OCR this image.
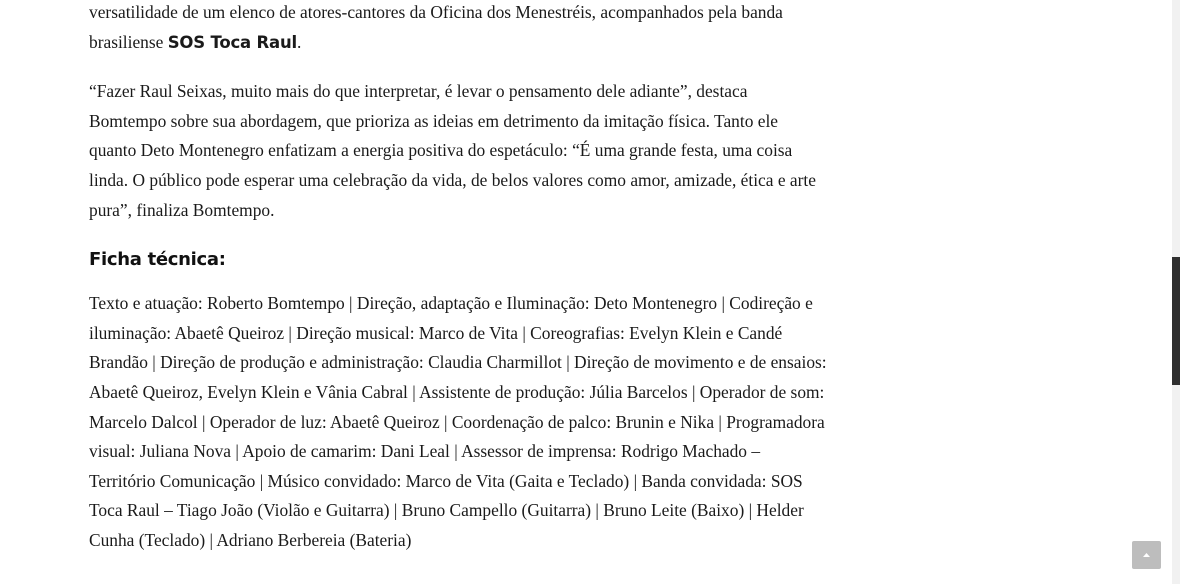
versatilidade de um elenco de atores-cantores da Oficina dos Menestréis, acompanhados pela banda brasiliense SOS Toca Raul.

“Fazer Raul Seixas, muito mais do que interpretar, é levar o pensamento dele adiante”, destaca Bomtempo sobre sua abordagem, que prioriza as ideias em detrimento da imitação física. Tanto ele quanto Deto Montenegro enfatizam a energia positiva do espetáculo: “É uma grande festa, uma coisa linda. O público pode esperar uma celebração da vida, de belos valores como amor, amizade, ética e arte pura”, finaliza Bomtempo.

Ficha técnica:

Texto e atuação: Roberto Bomtempo | Direção, adaptação e Iluminação: Deto Montenegro | Codireção e iluminação: Abaetê Queiroz | Direção musical: Marco de Vita | Coreografias: Evelyn Klein e Candé Brandão | Direção de produção e administração: Claudia Charmillot | Direção de movimento e de ensaios: Abaetê Queiroz, Evelyn Klein e Vânia Cabral | Assistente de produção: Júlia Barcelos | Operador de som: Marcelo Dalcol | Operador de luz: Abaetê Queiroz | Coordenação de palco: Brunin e Nika | Programadora visual: Juliana Nova | Apoio de camarim: Dani Leal | Assessor de imprensa: Rodrigo Machado – Território Comunicação | Músico convidado: Marco de Vita (Gaita e Teclado) | Banda convidada: SOS Toca Raul – Tiago João (Violão e Guitarra) | Bruno Campello (Guitarra) | Bruno Leite (Baixo) | Helder Cunha (Teclado) | Adriano Berbereia (Bateria)
